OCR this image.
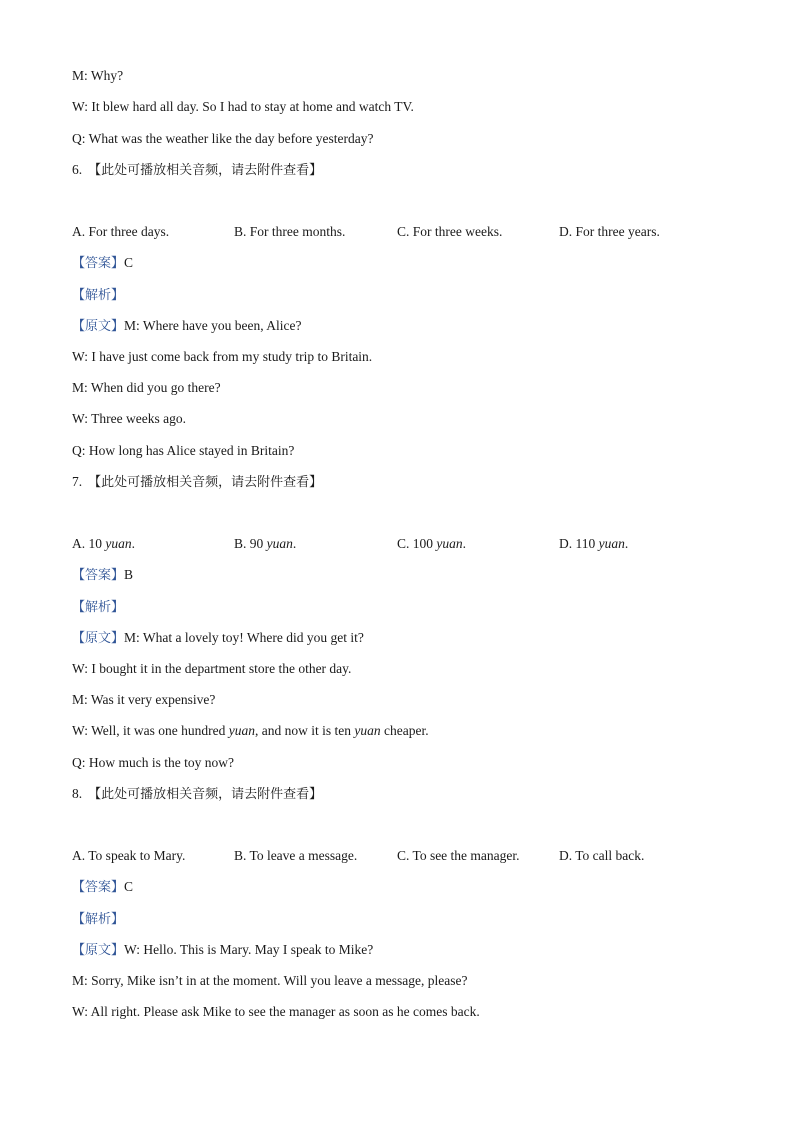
M: Why?
W: It blew hard all day. So I had to stay at home and watch TV.
Q: What was the weather like the day before yesterday?
6. 【此处可播放相关音频，请去附件查看】
A. For three days.	B. For three months.	C. For three weeks.	D. For three years.
【答案】C
【解析】
【原文】M: Where have you been, Alice?
W: I have just come back from my study trip to Britain.
M: When did you go there?
W: Three weeks ago.
Q: How long has Alice stayed in Britain?
7. 【此处可播放相关音频，请去附件查看】
A. 10 yuan.	B. 90 yuan.	C. 100 yuan.	D. 110 yuan.
【答案】B
【解析】
【原文】M: What a lovely toy! Where did you get it?
W: I bought it in the department store the other day.
M: Was it very expensive?
W: Well, it was one hundred yuan, and now it is ten yuan cheaper.
Q: How much is the toy now?
8. 【此处可播放相关音频，请去附件查看】
A. To speak to Mary.	B. To leave a message.	C. To see the manager.	D. To call back.
【答案】C
【解析】
【原文】W: Hello. This is Mary. May I speak to Mike?
M: Sorry, Mike isn’t in at the moment. Will you leave a message, please?
W: All right. Please ask Mike to see the manager as soon as he comes back.
